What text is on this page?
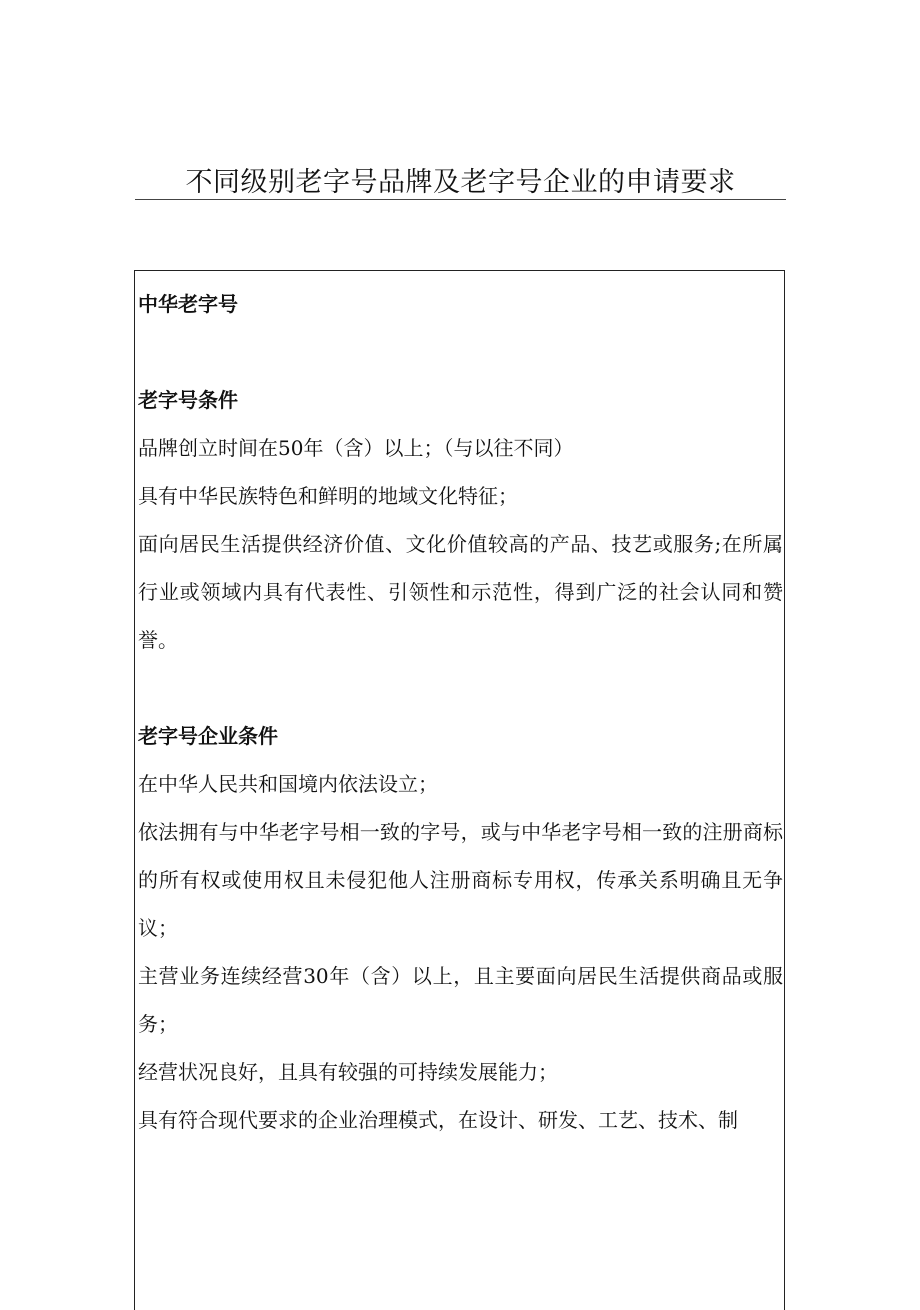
不同级别老字号品牌及老字号企业的申请要求

中华老字号

老字号条件

品牌创立时间在50年（含）以上；（与以往不同）

具有中华民族特色和鲜明的地域文化特征；

面向居民生活提供经济价值、文化价值较高的产品、技艺或服务;在所属行业或领域内具有代表性、引领性和示范性，得到广泛的社会认同和赞誉。

老字号企业条件

在中华人民共和国境内依法设立；

依法拥有与中华老字号相一致的字号，或与中华老字号相一致的注册商标的所有权或使用权且未侵犯他人注册商标专用权，传承关系明确且无争议；

主营业务连续经营30年（含）以上，且主要面向居民生活提供商品或服务；

经营状况良好，且具有较强的可持续发展能力；

具有符合现代要求的企业治理模式，在设计、研发、工艺、技术、制
